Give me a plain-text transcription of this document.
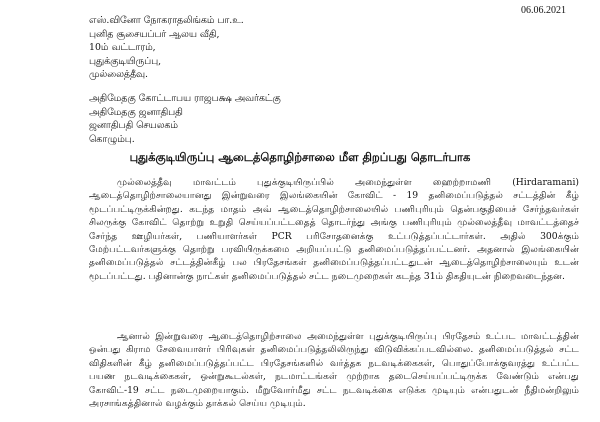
06.06.2021
எஸ்.வினோ நோகராதலிங்கம் பா.உ.
புனித சூசையப்பர் ஆலய வீதி,
10ம் வட்டாரம்,
புதுக்குடியிருப்பு,
முல்லைத்தீவு.
அதிமேதகு கோட்டாபய ராஜபக்ஷ அவர்கட்கு
அதிமேதகு ஜனாதிபதி
ஜனாதிபதி செயலகம்
கொழும்பு.
புதுக்குடியிருப்பு ஆடைத்தொழிற்சாலை மீள திறப்பது தொடர்பாக
முல்லைத்தீவு மாவட்டம் புதுக்குடியிருப்பில் அமைந்துள்ள ஹைற்றாமணி (Hirdaramani) ஆடைத்தொழிற்சாலையானது இன்றுவரை இலங்கையின் கோவிட் - 19 தனிமைப்படுத்தல் சட்டத்தின் கீழ் மூடப்பட்டிருக்கின்றது. கடந்த மாதம் அவ் ஆடைத்தொழிற்சாலையில் பணிபுரியும் தென்பகுதியைச் சேர்ந்தவர்கள் சிலருக்கு கோவிட் தொற்று உறுதி செய்யப்பட்டதைத் தொடர்ந்து அங்கு பணிபுரியும் முல்லைத்தீவு மாவட்டத்தைச் சேர்ந்த ஊழியர்கள், பணியாளர்கள் PCR பரிசோதனைக்கு உட்படுத்தப்பட்டார்கள். அதில் 300க்கும் மேற்பட்டவர்களுக்கு தொற்று பரவியிருக்கமை அறியப்பட்டு தனிமைப்படுத்தப்பட்டனர். அதனால் இலங்கையின் தனிமைப்படுத்தல் சட்டத்தின்கீழ் பல பிரதேசங்கள் தனிமைப்படுத்தப்பட்டதுடன் ஆடைத்தொழிற்சாலையும் உடன் மூடப்பட்டது. பதினான்கு நாட்கள் தனிமைப்படுத்தல் சட்ட நடைமுறைகள் கடந்த 31ம் திகதியுடன் நிறைவடைந்தன.
ஆனால் இன்றுவரை ஆடைத்தொழிற்சாலை அமைந்துள்ள புதுக்குடியிருப்பு பிரதேசம் உட்பட மாவட்டத்தின் ஒன்பது கிராம சேவையாளர் பிரிவுகள் தனிமைப்படுத்தலிலிருந்து விடுவிக்கப்படவில்லை. தனிமைப்படுத்தல் சட்ட விதிகளின் கீழ் தனிமைப்படுத்தப்பட்ட பிரதேசங்களில் வர்த்தக நடவடிக்கைகள், பொதுப்போக்குவரத்து உட்பட்ட பயண நடவடிக்கைகள், ஒன்றுகூடல்கள், நடமாட்டங்கள் முற்றாக தடைசெய்யப்பட்டிருக்க வேண்டும் என்பது கோவிட்-19 சட்ட நடைமுறையாகும். மீறுவோர்மீது சட்ட நடவடிக்கை எடுக்க முடியும் என்பதுடன் நீதிமன்றிலும் அரசாங்கத்தினால் வழக்கும் தாக்கல் செய்ய முடியும்.
